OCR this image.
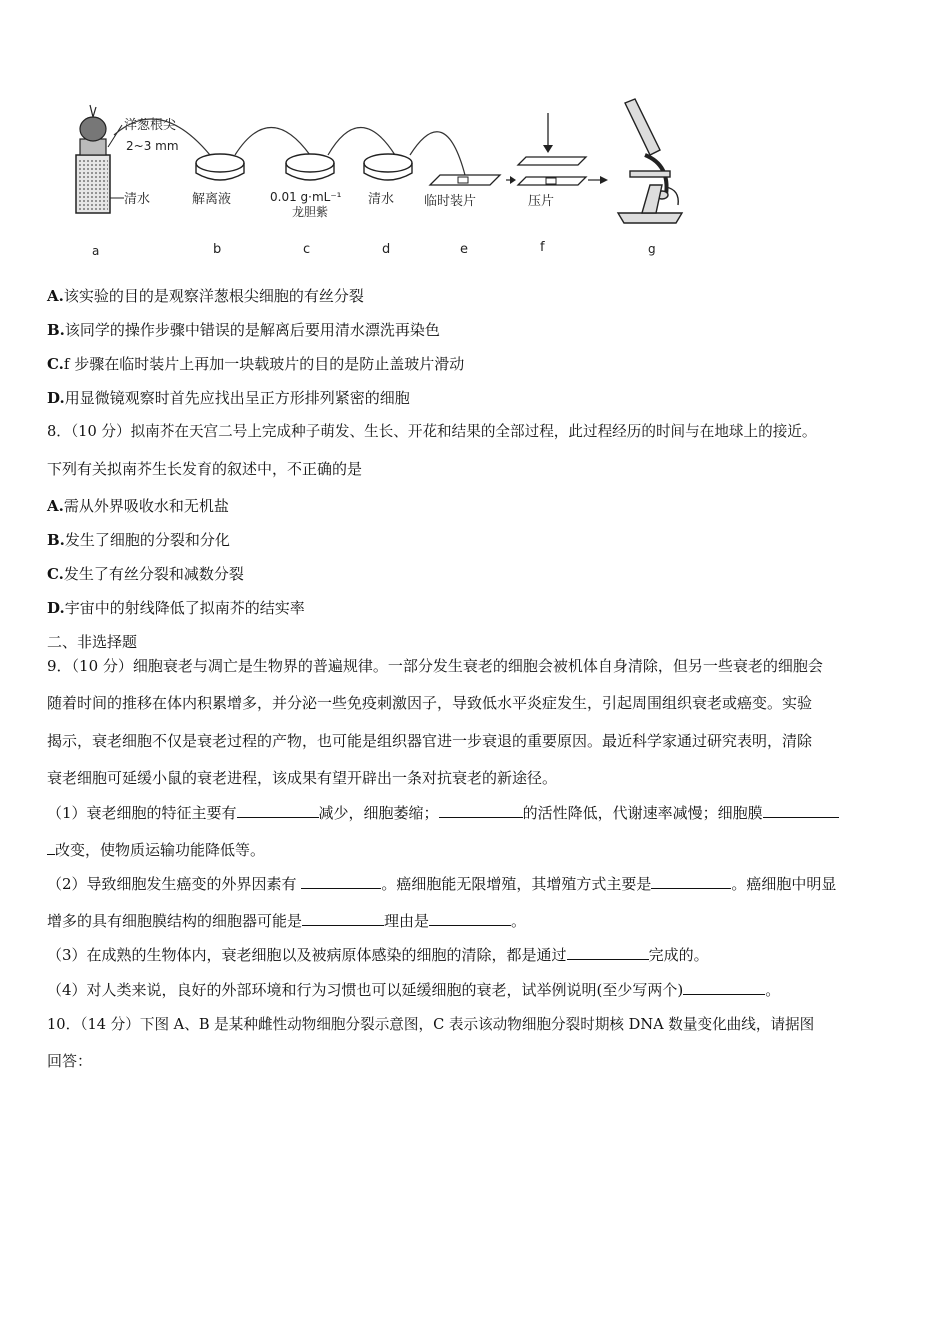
洋葱根尖
2~3 mm
清水	解离液	0.01 g·mL⁻¹
龙胆紫
清水 临时装片	压片
a	b	c	d	e	f	g
A.该实验的目的是观察洋葱根尖细胞的有丝分裂
B.该同学的操作步骤中错误的是解离后要用清水漂洗再染色
C.f 步骤在临时装片上再加一块载玻片的目的是防止盖玻片滑动
D.用显微镜观察时首先应找出呈正方形排列紧密的细胞
8．（10 分）拟南芥在天宫二号上完成种子萌发、生长、开花和结果的全部过程，此过程经历的时间与在地球上的接近。
下列有关拟南芥生长发育的叙述中，不正确的是
A.需从外界吸收水和无机盐
B.发生了细胞的分裂和分化
C.发生了有丝分裂和减数分裂
D.宇宙中的射线降低了拟南芥的结实率
二、非选择题
9．（10 分）细胞衰老与凋亡是生物界的普遍规律。一部分发生衰老的细胞会被机体自身清除，但另一些衰老的细胞会
随着时间的推移在体内积累增多，并分泌一些免疫刺激因子，导致低水平炎症发生，引起周围组织衰老或癌变。实验
揭示，衰老细胞不仅是衰老过程的产物，也可能是组织器官进一步衰退的重要原因。最近科学家通过研究表明，清除
衰老细胞可延缓小鼠的衰老进程，该成果有望开辟出一条对抗衰老的新途径。
（1）衰老细胞的特征主要有	减少，细胞萎缩；	的活性降低，代谢速率减慢；细胞膜
改变，使物质运输功能降低等。
（2）导致细胞发生癌变的外界因素有	。癌细胞能无限增殖，其增殖方式主要是	。癌细胞中明显
增多的具有细胞膜结构的细胞器可能是	理由是	。
（3）在成熟的生物体内，衰老细胞以及被病原体感染的细胞的清除，都是通过	完成的。
（4）对人类来说，良好的外部环境和行为习惯也可以延缓细胞的衰老，试举例说明(至少写两个)	。
10．（14 分）下图 A、B 是某种雌性动物细胞分裂示意图，C 表示该动物细胞分裂时期核 DNA 数量变化曲线，请据图
回答：
